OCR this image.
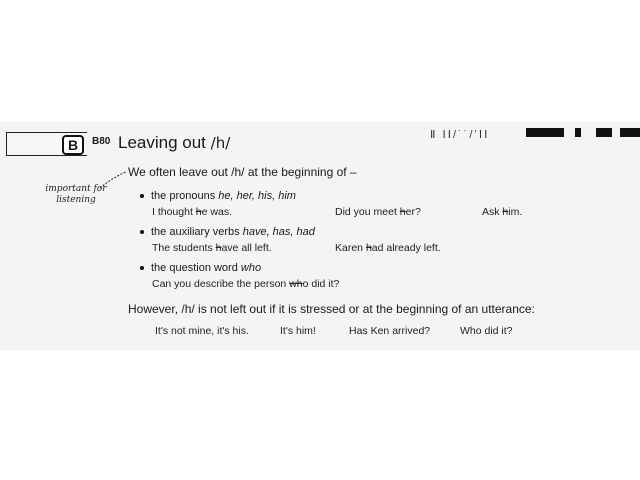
B	B80 Leaving out /h/	Ⅱ ⅠⅠ/˙˙/ʼⅠⅠ
important for listening
We often leave out /h/ at the beginning of –
the pronouns he, her, his, him
I thought he was.	Did you meet her?	Ask him.
the auxiliary verbs have, has, had
The students have all left.	Karen had already left.
the question word who
Can you describe the person who did it?
However, /h/ is not left out if it is stressed or at the beginning of an utterance:
It's not mine, it's his.	It's him!	Has Ken arrived?	Who did it?
